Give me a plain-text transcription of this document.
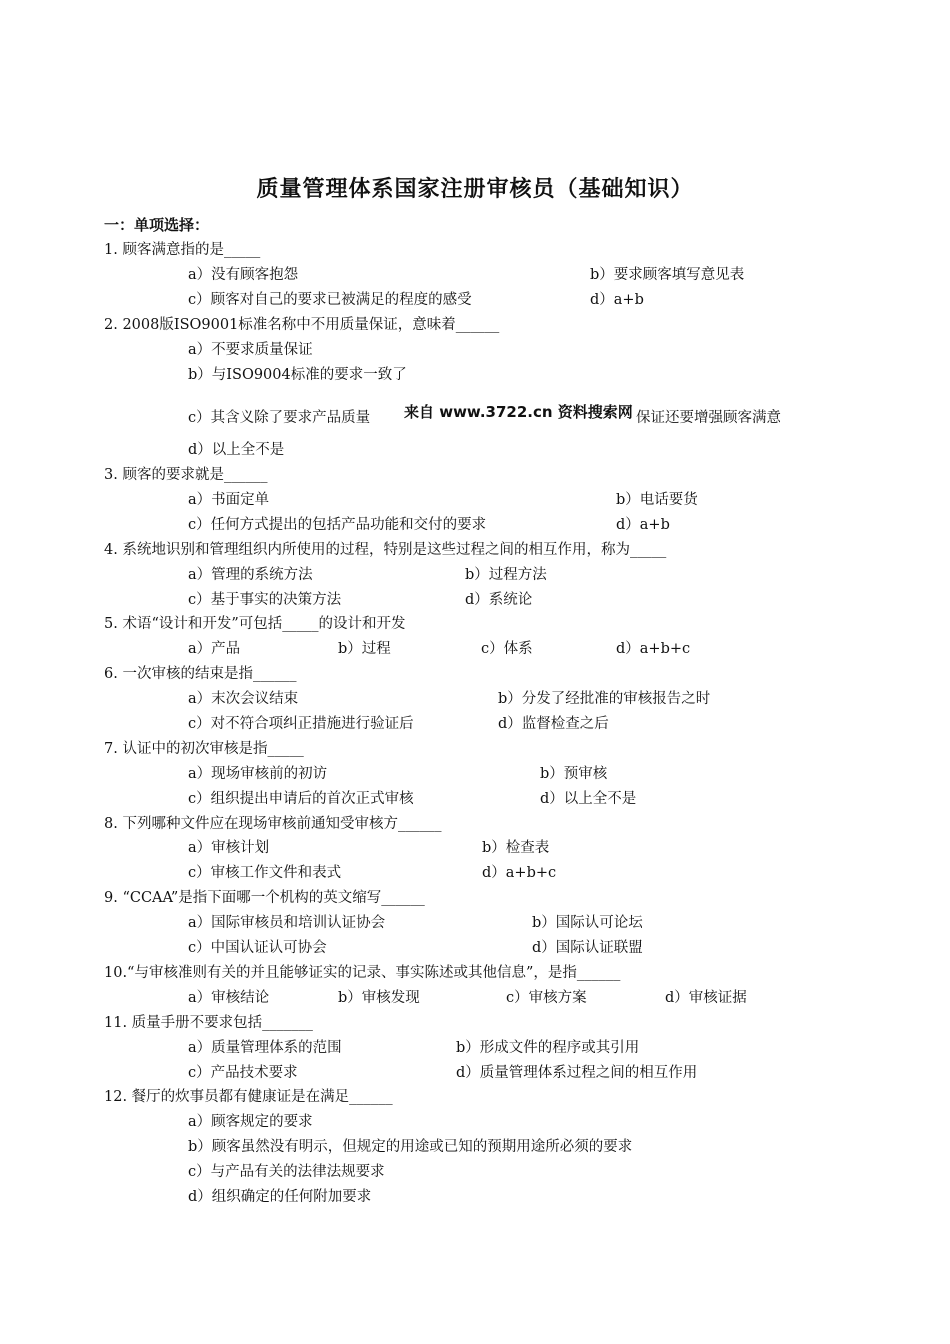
质量管理体系国家注册审核员（基础知识）
一：单项选择：
1. 顾客满意指的是_____
a）没有顾客抱怨	b）要求顾客填写意见表
c）顾客对自己的要求已被满足的程度的感受	d）a+b
2. 2008版ISO9001标准名称中不用质量保证，意味着______
a）不要求质量保证
b）与ISO9004标准的要求一致了
c）其含义除了要求产品质量 来自 www.3722.cn 资料搜索网 保证还要增强顾客满意
d）以上全不是
3. 顾客的要求就是______
a）书面定单	b）电话要货
c）任何方式提出的包括产品功能和交付的要求	d）a+b
4. 系统地识别和管理组织内所使用的过程，特别是这些过程之间的相互作用，称为_____
a）管理的系统方法	b）过程方法
c）基于事实的决策方法	d）系统论
5. 术语“设计和开发”可包括_____的设计和开发
a）产品	b）过程	c）体系	d）a+b+c
6. 一次审核的结束是指______
a）末次会议结束	b）分发了经批准的审核报告之时
c）对不符合项纠正措施进行验证后	d）监督检查之后
7. 认证中的初次审核是指_____
a）现场审核前的初访	b）预审核
c）组织提出申请后的首次正式审核	d）以上全不是
8. 下列哪种文件应在现场审核前通知受审核方______
a）审核计划	b）检查表
c）审核工作文件和表式	d）a+b+c
9. “CCAA”是指下面哪一个机构的英文缩写______
a）国际审核员和培训认证协会	b）国际认可论坛
c）中国认证认可协会	d）国际认证联盟
10.“与审核准则有关的并且能够证实的记录、事实陈述或其他信息”，是指______
a）审核结论	b）审核发现	c）审核方案	d）审核证据
11. 质量手册不要求包括_______
a）质量管理体系的范围	b）形成文件的程序或其引用
c）产品技术要求	d）质量管理体系过程之间的相互作用
12. 餐厅的炊事员都有健康证是在满足______
a）顾客规定的要求
b）顾客虽然没有明示，但规定的用途或已知的预期用途所必须的要求
c）与产品有关的法律法规要求
d）组织确定的任何附加要求
